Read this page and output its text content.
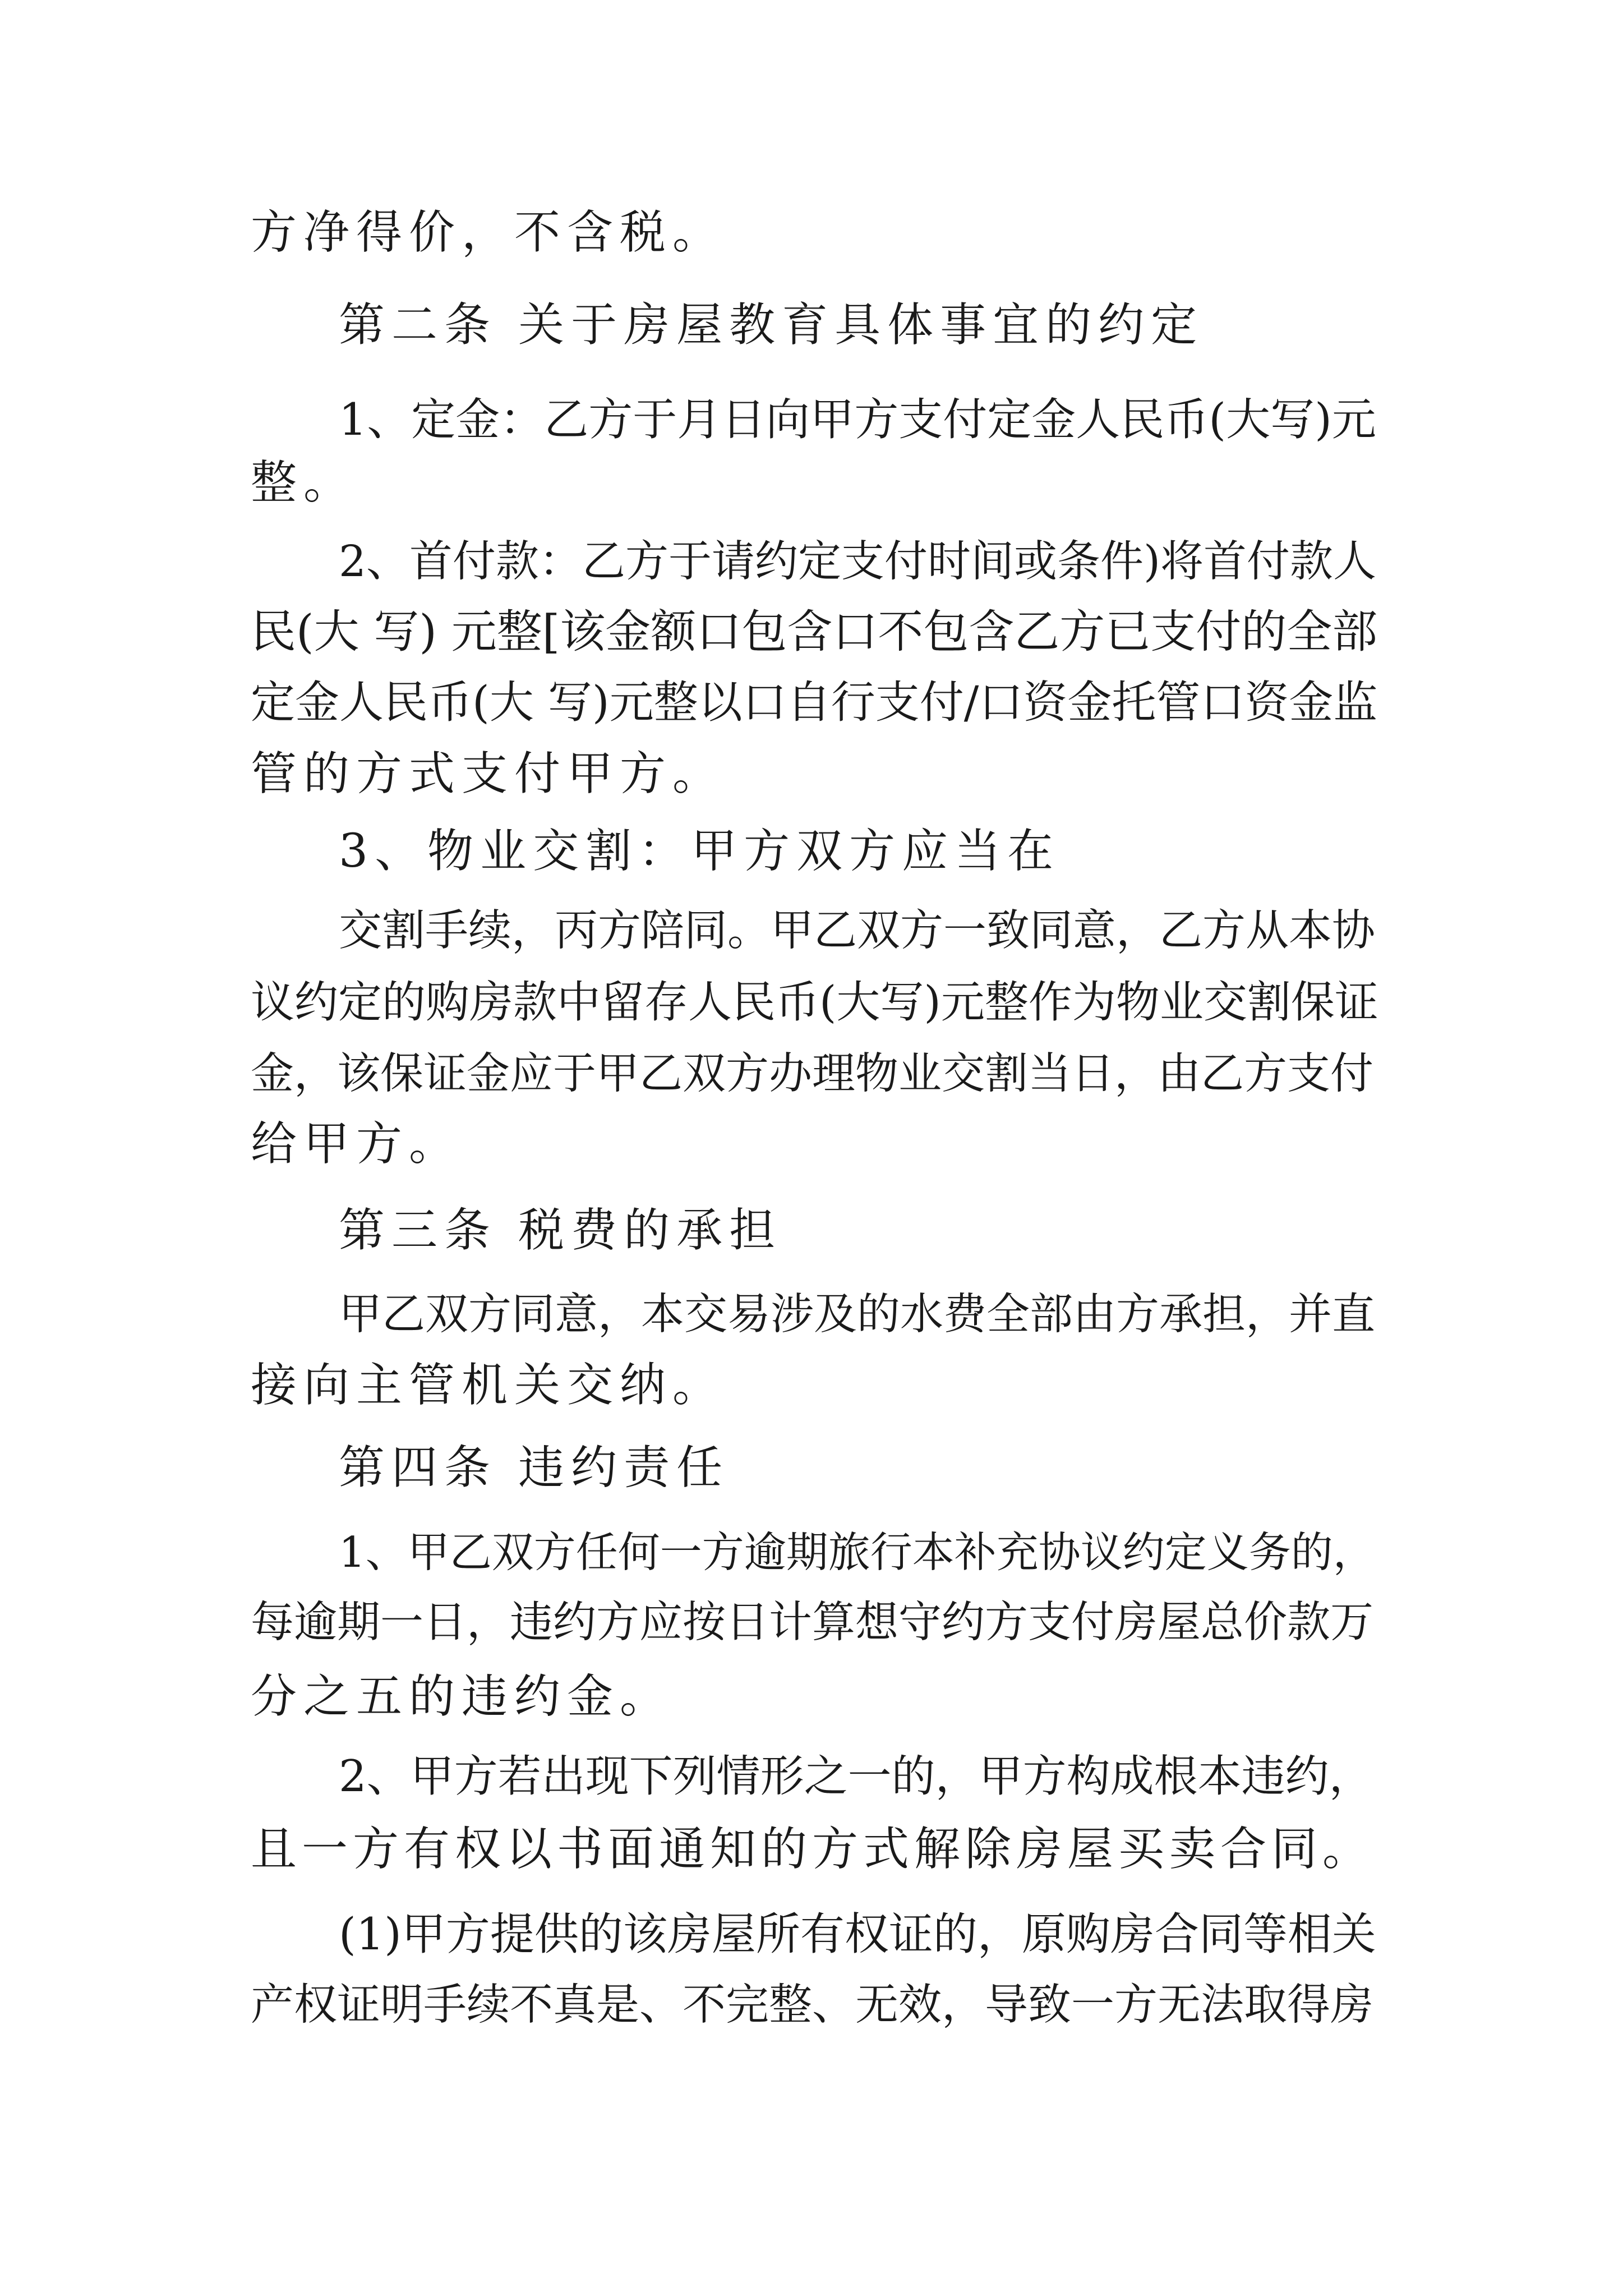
方净得价，不含税。

第二条 关于房屋教育具体事宜的约定

1、定金：乙方于月日向甲方支付定金人民币(大写)元

整。

2、首付款：乙方于请约定支付时间或条件)将首付款人

民(大 写) 元整[该金额口包含口不包含乙方已支付的全部

定金人民币(大 写)元整以口自行支付/口资金托管口资金监

管的方式支付甲方。

3、物业交割：甲方双方应当在

交割手续，丙方陪同。甲乙双方一致同意，乙方从本协

议约定的购房款中留存人民币(大写)元整作为物业交割保证

金，该保证金应于甲乙双方办理物业交割当日，由乙方支付

给甲方。

第三条 税费的承担

甲乙双方同意，本交易涉及的水费全部由方承担，并直

接向主管机关交纳。

第四条 违约责任

1、甲乙双方任何一方逾期旅行本补充协议约定义务的，

每逾期一日，违约方应按日计算想守约方支付房屋总价款万

分之五的违约金。

2、甲方若出现下列情形之一的，甲方构成根本违约，

且一方有权以书面通知的方式解除房屋买卖合同。

(1)甲方提供的该房屋所有权证的，原购房合同等相关

产权证明手续不真是、不完整、无效，导致一方无法取得房
